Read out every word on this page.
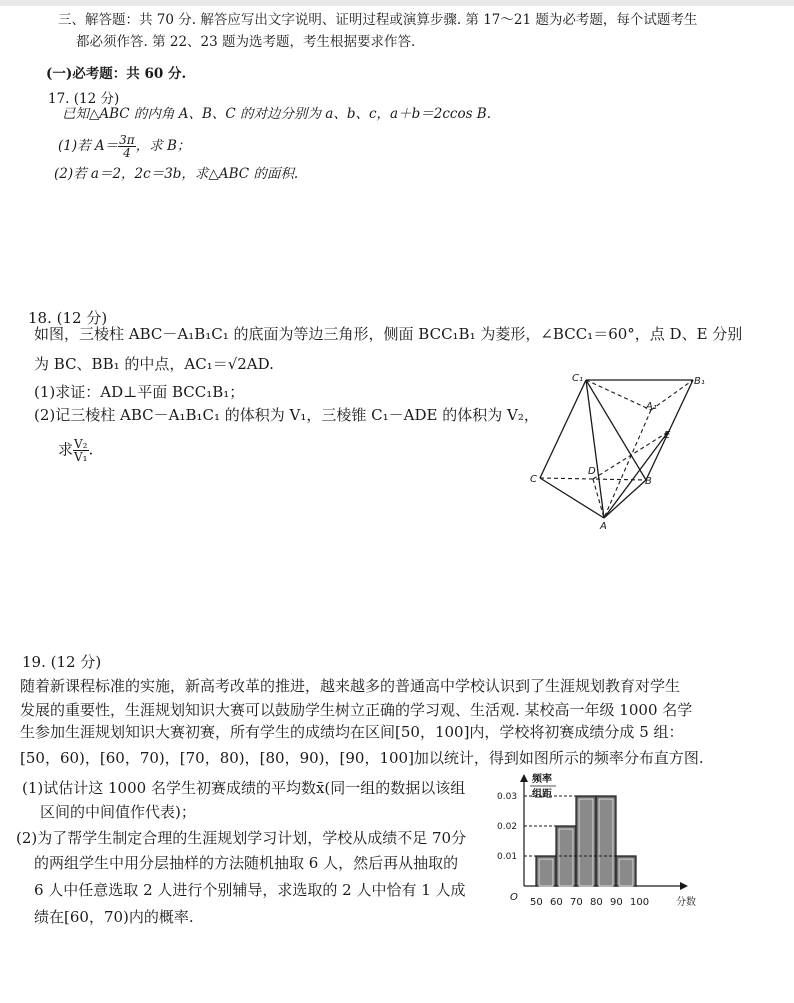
三、解答题：共 70 分. 解答应写出文字说明、证明过程或演算步骤. 第 17～21 题为必考题，每个试题考生
都必须作答. 第 22、23 题为选考题，考生根据要求作答.
(一)必考题：共 60 分.
17. (12 分)
已知△ABC 的内角 A、B、C 的对边分别为 a、b、c，a＋b＝2ccos B.
(1)若 $A= \frac{3\pi}{4}$ ，求 B；
(2)若 a＝2，2c＝3b，求△ABC 的面积.
18. (12 分)
如图，三棱柱 ABC－A₁B₁C₁ 的底面为等边三角形，侧面 BCC₁B₁ 为菱形，∠BCC₁＝60°，点 D、E 分别
为 BC、BB₁ 的中点，AC₁＝√2AD.
(1)求证：AD⊥平面 BCC₁B₁；
(2)记三棱柱 ABC－A₁B₁C₁ 的体积为 V₁，三棱锥 C₁－ADE 的体积为 V₂，
求 $\frac{\text{V₂}}{\text{V₁}}$ .
C₁	B₁
A₁
E
C	B
D
A
19. (12 分)
随着新课程标准的实施，新高考改革的推进，越来越多的普通高中学校认识到了生涯规划教育对学生
发展的重要性，生涯规划知识大赛可以鼓励学生树立正确的学习观、生活观. 某校高一年级 1000 名学
生参加生涯规划知识大赛初赛，所有学生的成绩均在区间[50，100]内，学校将初赛成绩分成 5 组：
[50，60)，[60，70)，[70，80)，[80，90)，[90，100]加以统计，得到如图所示的频率分布直方图.
(1)试估计这 1000 名学生初赛成绩的平均数x̄(同一组的数据以该组
区间的中间值作代表)；
(2)为了帮学生制定合理的生涯规划学习计划，学校从成绩不足 70分
的两组学生中用分层抽样的方法随机抽取 6 人，然后再从抽取的
6 人中任意选取 2 人进行个别辅导，求选取的 2 人中恰有 1 人成
绩在[60，70)内的概率.
0.01
0.02
0.03
50 60 70 80 90 100
频率
组距
O	分数
